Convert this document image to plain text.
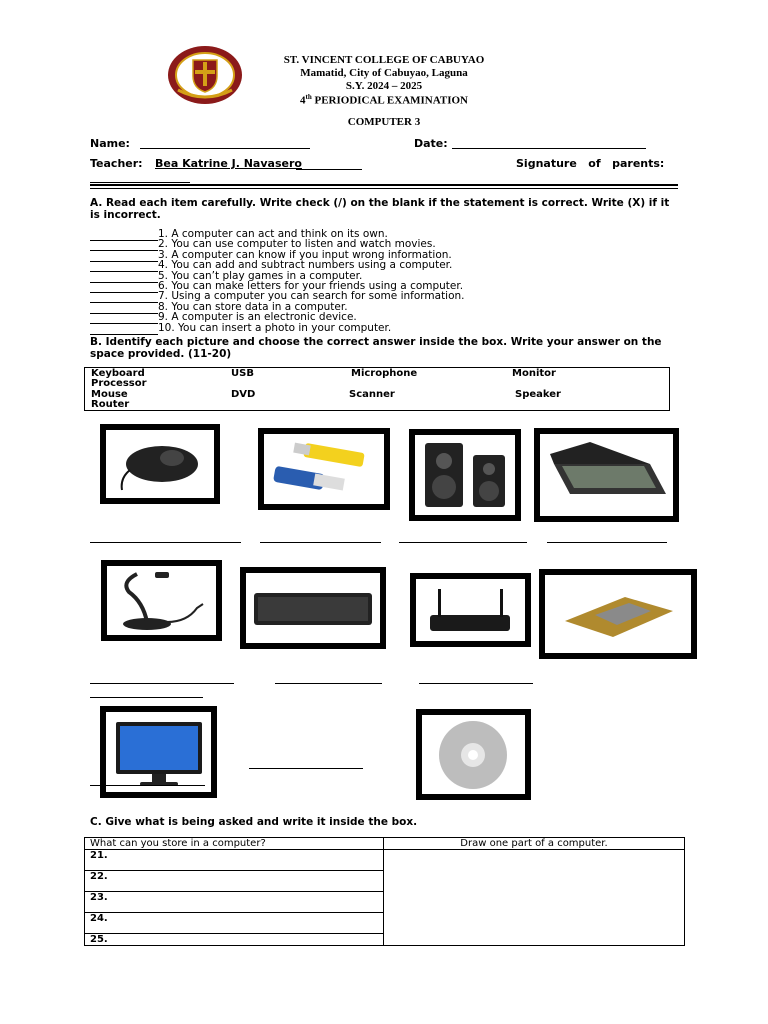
ST. VINCENT COLLEGE OF CABUYAO
Mamatid, City of Cabuyao, Laguna
S.Y. 2024 – 2025
4th PERIODICAL EXAMINATION
COMPUTER 3
Name:	Date:
Teacher: Bea Katrine J. Navasero	Signature   of   parents:
A. Read each item carefully. Write check (/) on the blank if the statement is correct. Write (X) if it is incorrect.
1. A computer can act and think on its own.
2. You can use computer to listen and watch movies.
3. A computer can know if you input wrong information.
4. You can add and subtract numbers using a computer.
5. You can’t play games in a computer.
6. You can make letters for your friends using a computer.
7. Using a computer you can search for some information.
8. You can store data in a computer.
9. A computer is an electronic device.
10. You can insert a photo in your computer.
B. Identify each picture and choose the correct answer inside the box. Write your answer on the space provided. (11-20)
Keyboard	USB	Microphone	Monitor
Processor
Mouse	DVD	Scanner	Speaker
Router
C. Give what is being asked and write it inside the box.
What can you store in a computer?	Draw one part of a computer.
21.	
22.	
23.	
24.	
25.	
